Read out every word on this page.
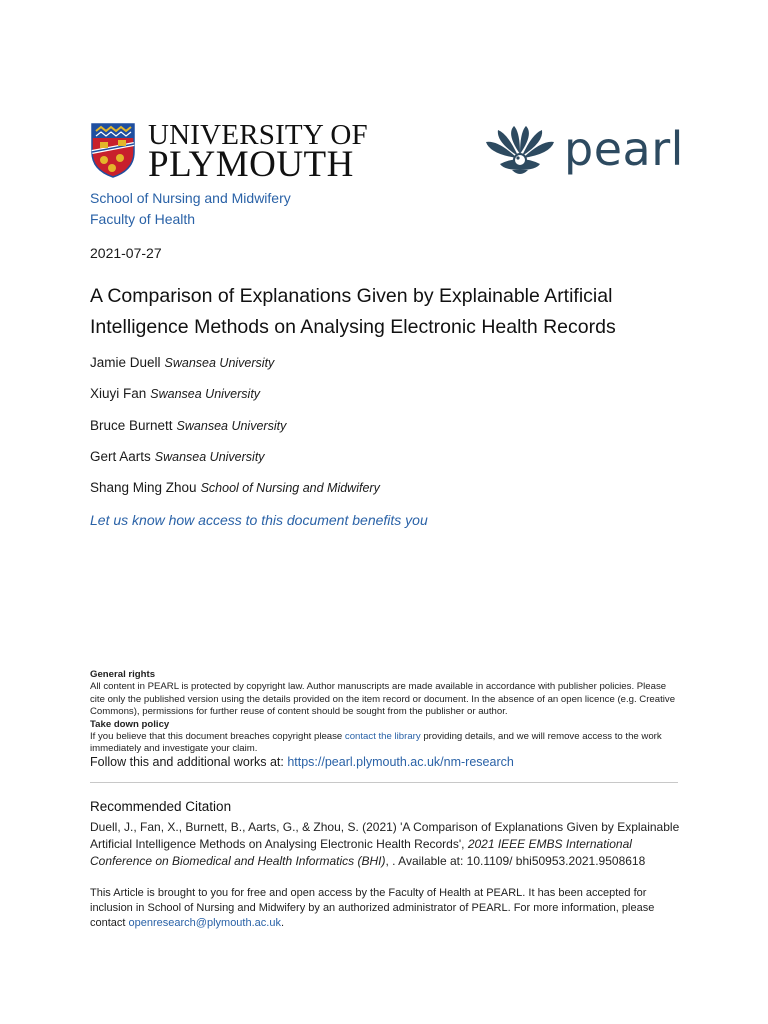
UNIVERSITY OF
PLYMOUTH	pearl
School of Nursing and Midwifery
Faculty of Health
2021-07-27
A Comparison of Explanations Given by Explainable Artificial Intelligence Methods on Analysing Electronic Health Records
Jamie Duell Swansea University
Xiuyi Fan Swansea University
Bruce Burnett Swansea University
Gert Aarts Swansea University
Shang Ming Zhou School of Nursing and Midwifery
Let us know how access to this document benefits you
General rights
All content in PEARL is protected by copyright law. Author manuscripts are made available in accordance with publisher policies. Please cite only the published version using the details provided on the item record or document. In the absence of an open licence (e.g. Creative Commons), permissions for further reuse of content should be sought from the publisher or author.
Take down policy
If you believe that this document breaches copyright please contact the library providing details, and we will remove access to the work immediately and investigate your claim.
Follow this and additional works at: https://pearl.plymouth.ac.uk/nm-research
Recommended Citation
Duell, J., Fan, X., Burnett, B., Aarts, G., & Zhou, S. (2021) 'A Comparison of Explanations Given by Explainable Artificial Intelligence Methods on Analysing Electronic Health Records', 2021 IEEE EMBS International Conference on Biomedical and Health Informatics (BHI), . Available at: 10.1109/ bhi50953.2021.9508618
This Article is brought to you for free and open access by the Faculty of Health at PEARL. It has been accepted for inclusion in School of Nursing and Midwifery by an authorized administrator of PEARL. For more information, please contact openresearch@plymouth.ac.uk.
